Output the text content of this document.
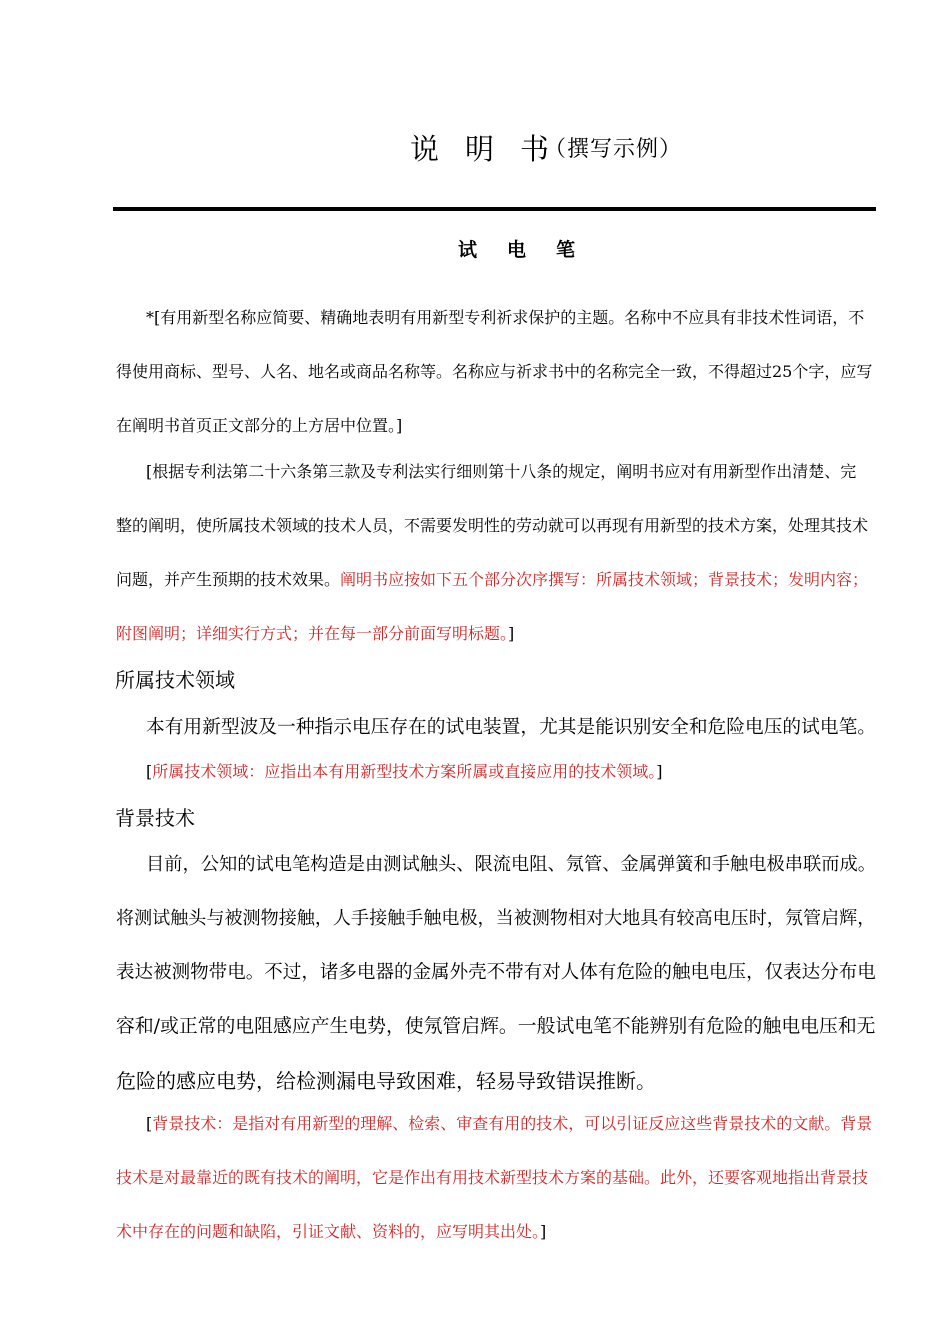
说明书
（撰写示例）
试电笔

*[有用新型名称应简要、精确地表明有用新型专利祈求保护的主题。名称中不应具有非技术性词语，不

得使用商标、型号、人名、地名或商品名称等。名称应与祈求书中的名称完全一致，不得超过25个字，应写

在阐明书首页正文部分的上方居中位置。]

[根据专利法第二十六条第三款及专利法实行细则第十八条的规定，阐明书应对有用新型作出清楚、完

整的阐明，使所属技术领域的技术人员，不需要发明性的劳动就可以再现有用新型的技术方案，处理其技术

问题，并产生预期的技术效果。阐明书应按如下五个部分次序撰写：所属技术领域；背景技术；发明内容；

附图阐明；详细实行方式；并在每一部分前面写明标题。]

所属技术领域

本有用新型波及一种指示电压存在的试电装置，尤其是能识别安全和危险电压的试电笔。

[所属技术领域：应指出本有用新型技术方案所属或直接应用的技术领域。]

背景技术

目前，公知的试电笔构造是由测试触头、限流电阻、氖管、金属弹簧和手触电极串联而成。

将测试触头与被测物接触，人手接触手触电极，当被测物相对大地具有较高电压时，氖管启辉，

表达被测物带电。不过，诸多电器的金属外壳不带有对人体有危险的触电电压，仅表达分布电

容和/或正常的电阻感应产生电势，使氖管启辉。一般试电笔不能辨别有危险的触电电压和无

危险的感应电势，给检测漏电导致困难，轻易导致错误推断。

[背景技术：是指对有用新型的理解、检索、审查有用的技术，可以引证反应这些背景技术的文献。背景

技术是对最靠近的既有技术的阐明，它是作出有用技术新型技术方案的基础。此外，还要客观地指出背景技

术中存在的问题和缺陷，引证文献、资料的，应写明其出处。]
